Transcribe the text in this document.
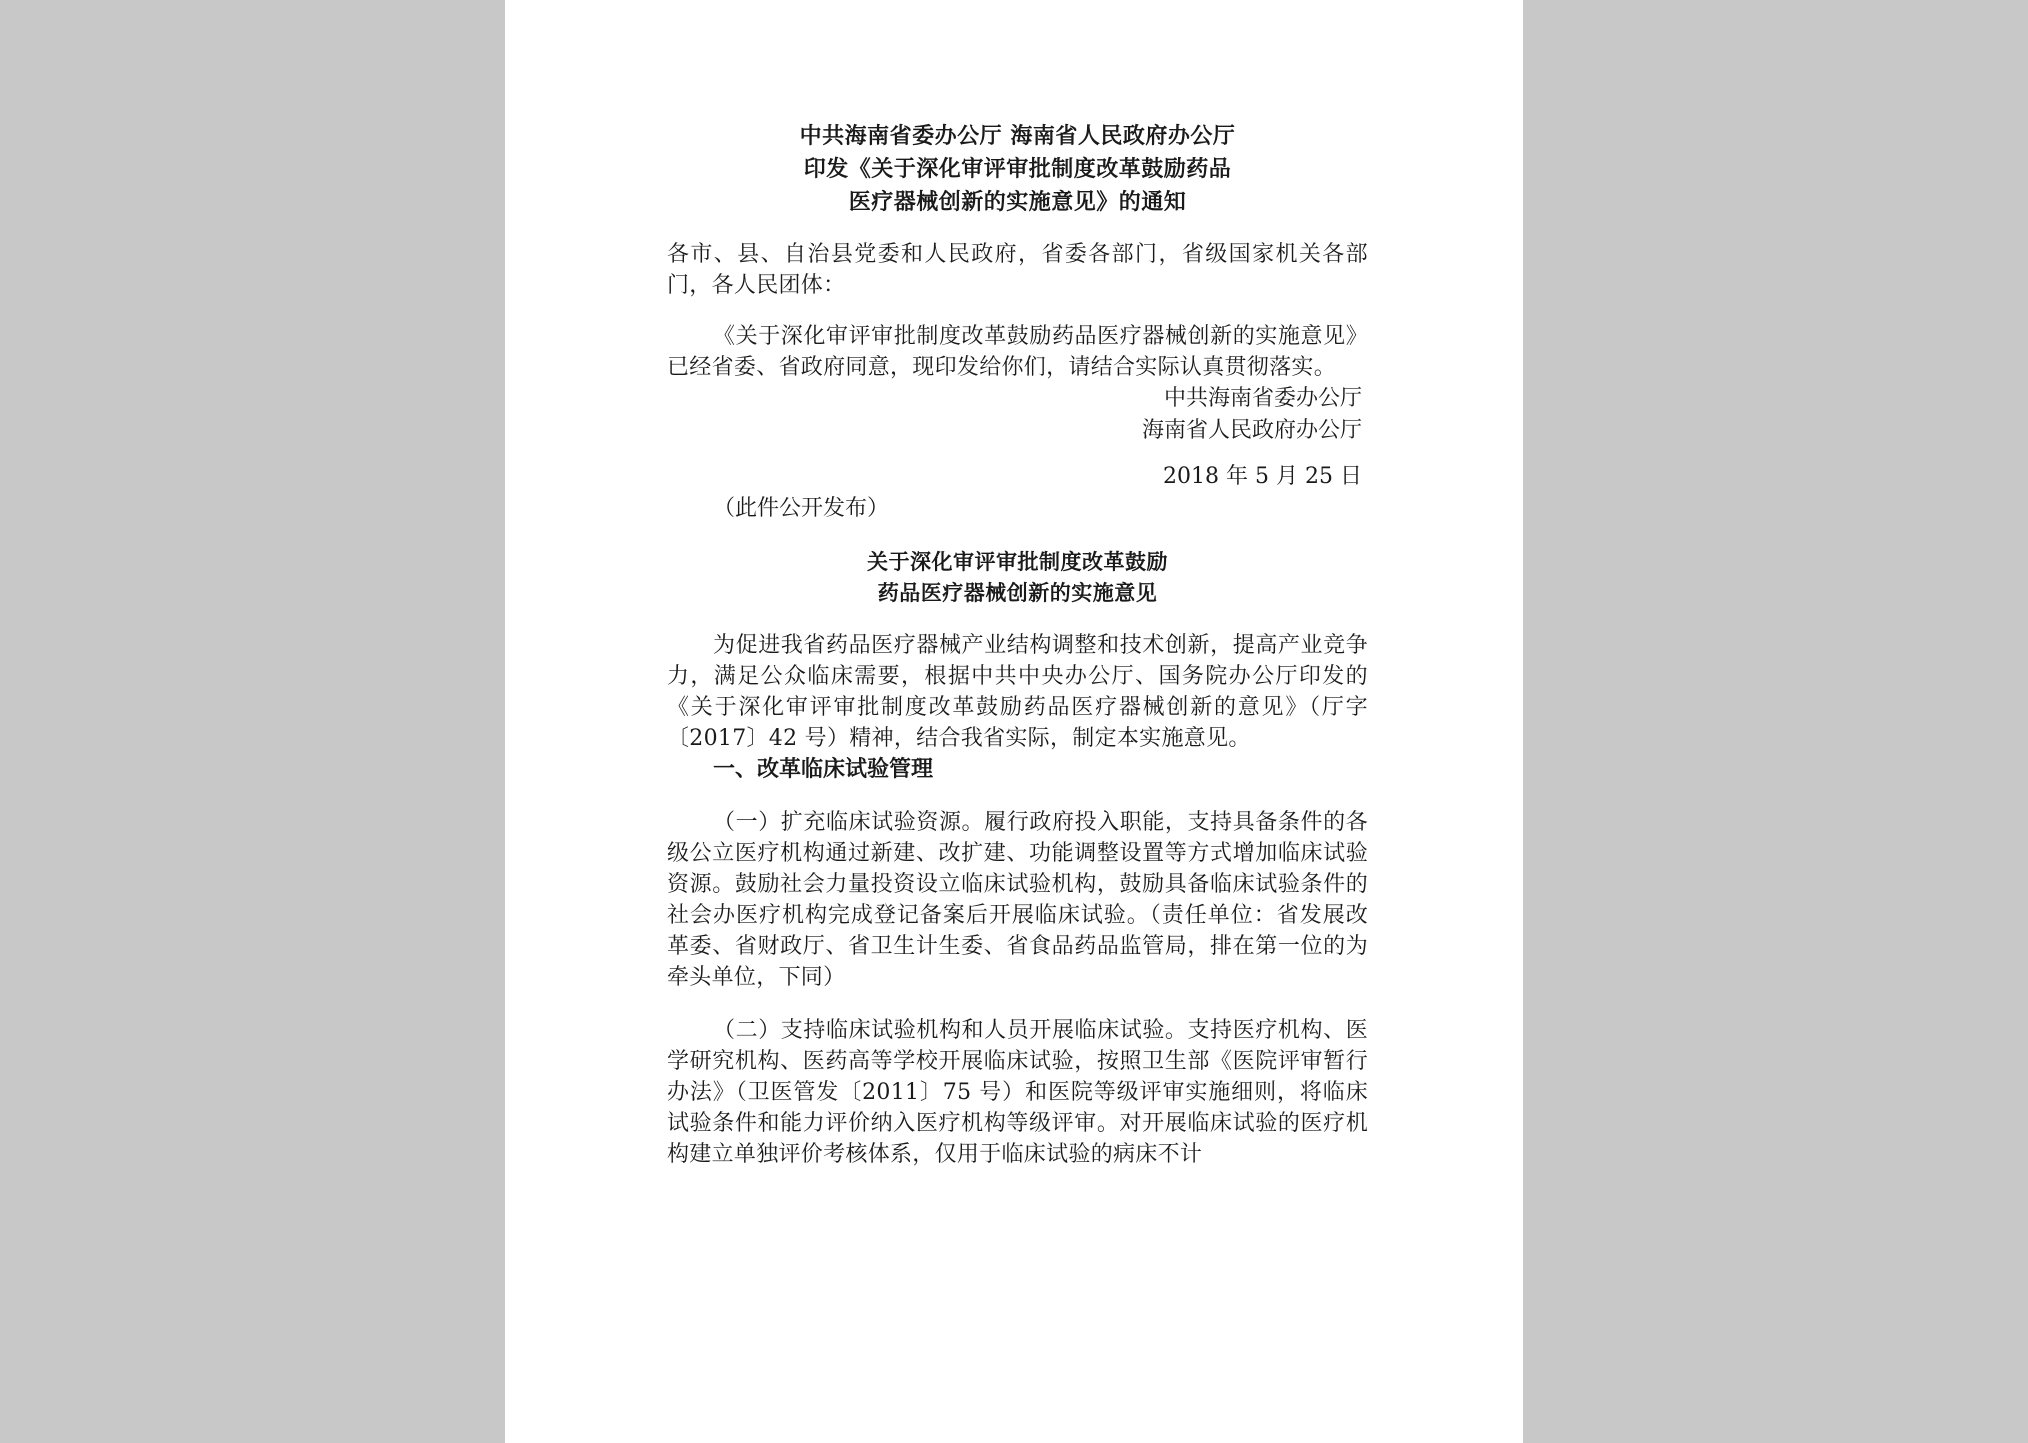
中共海南省委办公厅 海南省人民政府办公厅
印发《关于深化审评审批制度改革鼓励药品
医疗器械创新的实施意见》的通知

各市、县、自治县党委和人民政府，省委各部门，省级国家机关各部门，各人民团体：

《关于深化审评审批制度改革鼓励药品医疗器械创新的实施意见》已经省委、省政府同意，现印发给你们，请结合实际认真贯彻落实。

中共海南省委办公厅
海南省人民政府办公厅
2018 年 5 月 25 日

（此件公开发布）

关于深化审评审批制度改革鼓励
药品医疗器械创新的实施意见

为促进我省药品医疗器械产业结构调整和技术创新，提高产业竞争力，满足公众临床需要，根据中共中央办公厅、国务院办公厅印发的《关于深化审评审批制度改革鼓励药品医疗器械创新的意见》（厅字〔2017〕42 号）精神，结合我省实际，制定本实施意见。

一、改革临床试验管理

（一）扩充临床试验资源。履行政府投入职能，支持具备条件的各级公立医疗机构通过新建、改扩建、功能调整设置等方式增加临床试验资源。鼓励社会力量投资设立临床试验机构，鼓励具备临床试验条件的社会办医疗机构完成登记备案后开展临床试验。（责任单位：省发展改革委、省财政厅、省卫生计生委、省食品药品监管局，排在第一位的为牵头单位，下同）

（二）支持临床试验机构和人员开展临床试验。支持医疗机构、医学研究机构、医药高等学校开展临床试验，按照卫生部《医院评审暂行办法》（卫医管发〔2011〕75 号）和医院等级评审实施细则，将临床试验条件和能力评价纳入医疗机构等级评审。对开展临床试验的医疗机构建立单独评价考核体系，仅用于临床试验的病床不计
